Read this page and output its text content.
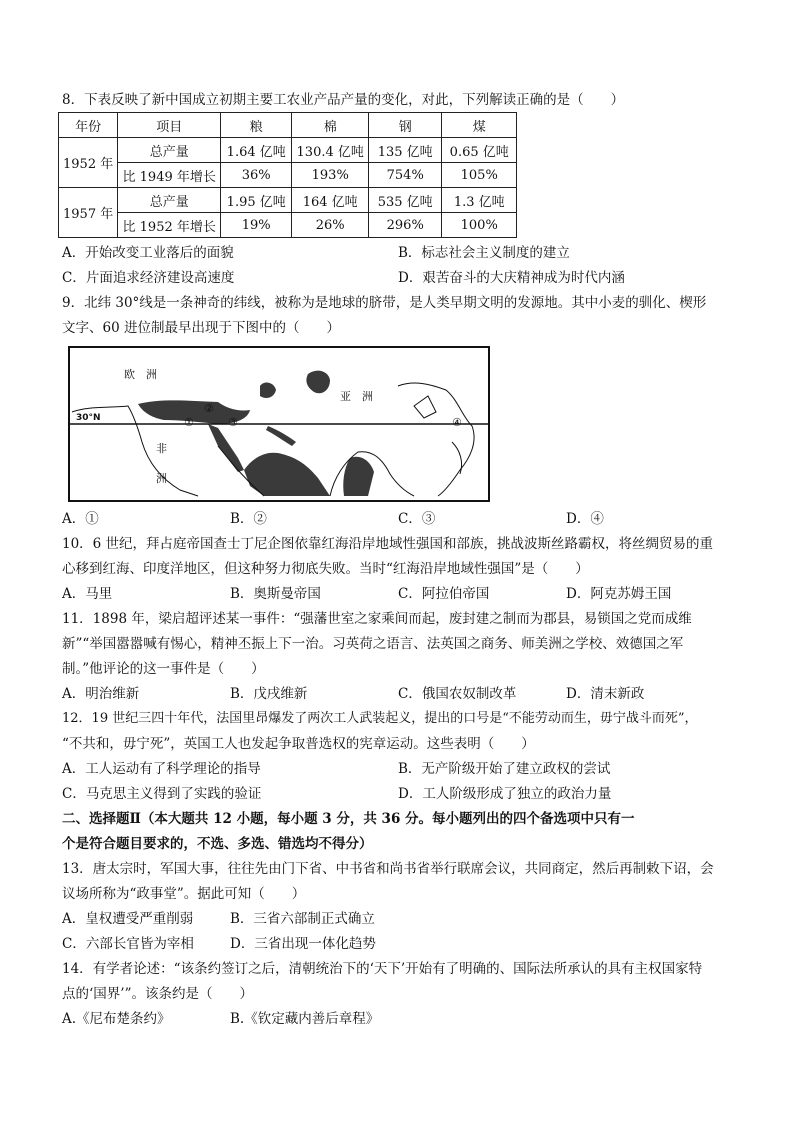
8．下表反映了新中国成立初期主要工农业产品产量的变化，对此，下列解读正确的是（　　）
年份	项目	粮	棉	钢	煤
1952 年	总产量	1.64 亿吨	130.4 亿吨	135 亿吨	0.65 亿吨
	比 1949 年增长	36%	193%	754%	105%
1957 年	总产量	1.95 亿吨	164 亿吨	535 亿吨	1.3 亿吨
	比 1952 年增长	19%	26%	296%	100%
A．开始改变工业落后的面貌	B．标志社会主义制度的建立
C．片面追求经济建设高速度	D．艰苦奋斗的大庆精神成为时代内涵
9．北纬 30°线是一条神奇的纬线，被称为是地球的脐带，是人类早期文明的发源地。其中小麦的驯化、楔形
文字、60 进位制最早出现于下图中的（　　）
30°N
欧　洲
亚　洲
非
洲
①
②
③	④
A．①	B．②	C．③	D．④
10．6 世纪，拜占庭帝国查士丁尼企图依靠红海沿岸地域性强国和部族，挑战波斯丝路霸权，将丝绸贸易的重
心移到红海、印度洋地区，但这种努力彻底失败。当时“红海沿岸地域性强国”是（　　）
A．马里	B．奥斯曼帝国	C．阿拉伯帝国	D．阿克苏姆王国
11．1898 年，梁启超评述某一事件：“强藩世室之家乘间而起，废封建之制而为郡县，易锁国之党而成维
新”“举国嚣嚣喊有惕心，精神丕振上下一治。习英荷之语言、法英国之商务、师美洲之学校、效德国之军
制。”他评论的这一事件是（　　）
A．明治维新	B．戊戌维新	C．俄国农奴制改革	D．清末新政
12．19 世纪三四十年代，法国里昂爆发了两次工人武装起义，提出的口号是“不能劳动而生，毋宁战斗而死”，
“不共和，毋宁死”，英国工人也发起争取普选权的宪章运动。这些表明（　　）
A．工人运动有了科学理论的指导	B．无产阶级开始了建立政权的尝试
C．马克思主义得到了实践的验证	D．工人阶级形成了独立的政治力量
二、选择题Ⅱ（本大题共 12 小题，每小题 3 分，共 36 分。每小题列出的四个备选项中只有一
个是符合题目要求的，不选、多选、错选均不得分）
13．唐太宗时，军国大事，往往先由门下省、中书省和尚书省举行联席会议，共同商定，然后再制敕下诏，会
议场所称为“政事堂”。据此可知（　　）
A．皇权遭受严重削弱	B．三省六部制正式确立
C．六部长官皆为宰相	D．三省出现一体化趋势
14．有学者论述：“该条约签订之后，清朝统治下的‘天下’开始有了明确的、国际法所承认的具有主权国家特
点的‘国界’”。该条约是（　　）
A.《尼布楚条约》	B.《钦定藏内善后章程》
